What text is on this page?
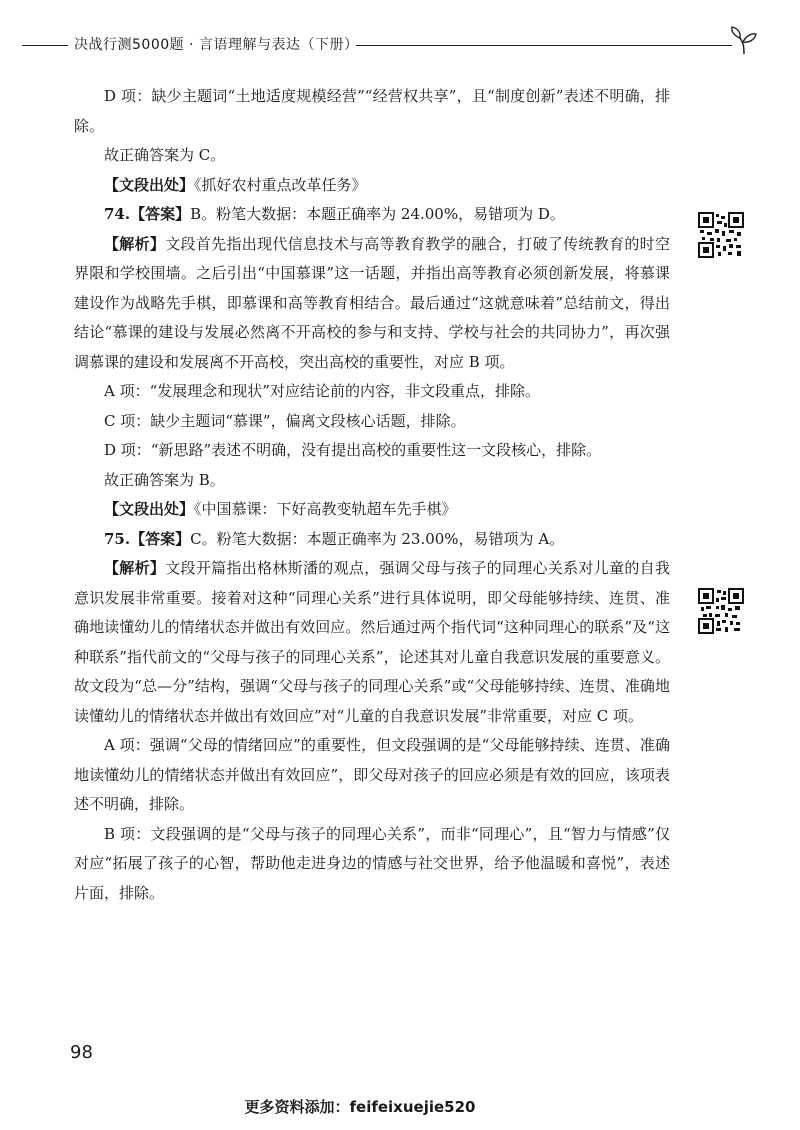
决战行测5000题 · 言语理解与表达（下册）

D 项：缺少主题词“土地适度规模经营”“经营权共享”，且“制度创新”表述不明确，排除。

故正确答案为 C。

【文段出处】《抓好农村重点改革任务》

74.【答案】B。粉笔大数据：本题正确率为 24.00%，易错项为 D。

【解析】文段首先指出现代信息技术与高等教育教学的融合，打破了传统教育的时空界限和学校围墙。之后引出“中国慕课”这一话题，并指出高等教育必须创新发展，将慕课建设作为战略先手棋，即慕课和高等教育相结合。最后通过“这就意味着”总结前文，得出结论“慕课的建设与发展必然离不开高校的参与和支持、学校与社会的共同协力”，再次强调慕课的建设和发展离不开高校，突出高校的重要性，对应 B 项。

A 项：“发展理念和现状”对应结论前的内容，非文段重点，排除。

C 项：缺少主题词“慕课”，偏离文段核心话题，排除。

D 项：“新思路”表述不明确，没有提出高校的重要性这一文段核心，排除。

故正确答案为 B。

【文段出处】《中国慕课：下好高教变轨超车先手棋》

75.【答案】C。粉笔大数据：本题正确率为 23.00%，易错项为 A。

【解析】文段开篇指出格林斯潘的观点，强调父母与孩子的同理心关系对儿童的自我意识发展非常重要。接着对这种“同理心关系”进行具体说明，即父母能够持续、连贯、准确地读懂幼儿的情绪状态并做出有效回应。然后通过两个指代词“这种同理心的联系”及“这种联系”指代前文的“父母与孩子的同理心关系”，论述其对儿童自我意识发展的重要意义。故文段为“总—分”结构，强调“父母与孩子的同理心关系”或“父母能够持续、连贯、准确地读懂幼儿的情绪状态并做出有效回应”对“儿童的自我意识发展”非常重要，对应 C 项。

A 项：强调“父母的情绪回应”的重要性，但文段强调的是“父母能够持续、连贯、准确地读懂幼儿的情绪状态并做出有效回应”，即父母对孩子的回应必须是有效的回应，该项表述不明确，排除。

B 项：文段强调的是“父母与孩子的同理心关系”，而非“同理心”，且“智力与情感”仅对应“拓展了孩子的心智，帮助他走进身边的情感与社交世界，给予他温暖和喜悦”，表述片面，排除。

98
更多资料添加：feifeixuejie520
